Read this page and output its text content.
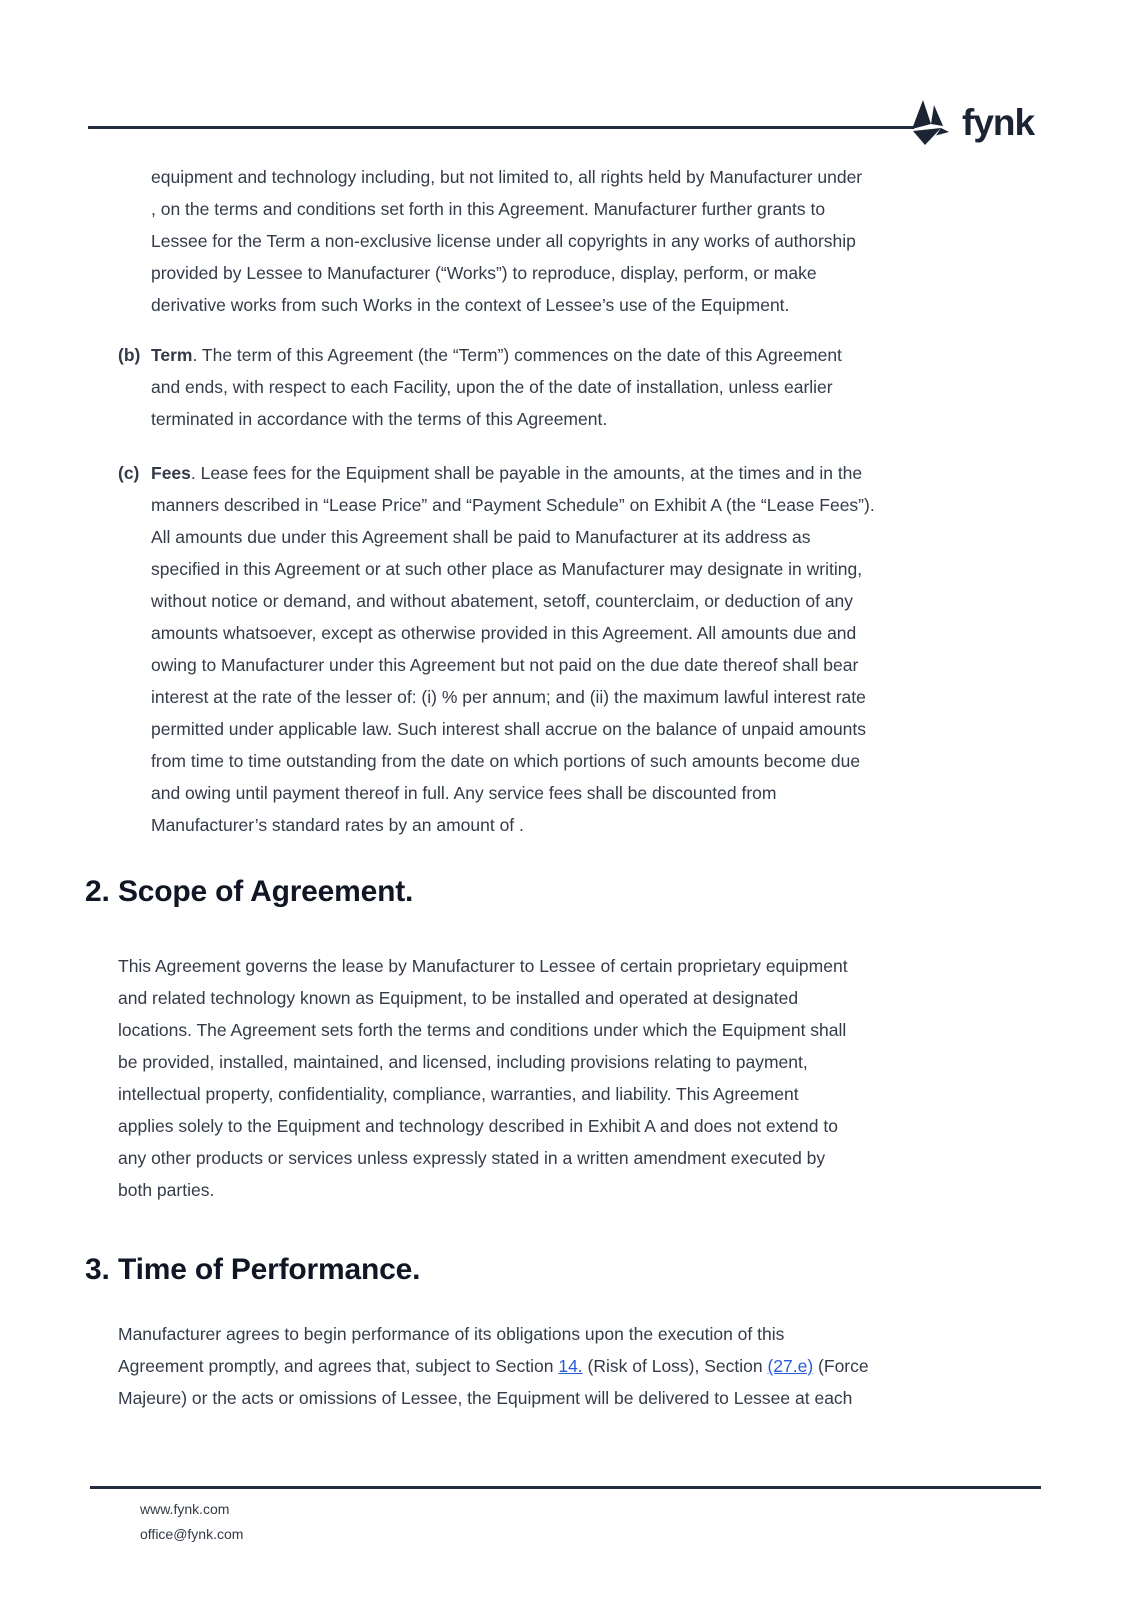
fynk
equipment and technology including, but not limited to, all rights held by Manufacturer under
, on the terms and conditions set forth in this Agreement. Manufacturer further grants to
Lessee for the Term a non-exclusive license under all copyrights in any works of authorship
provided by Lessee to Manufacturer (“Works”) to reproduce, display, perform, or make
derivative works from such Works in the context of Lessee’s use of the Equipment.
(b) Term. The term of this Agreement (the “Term”) commences on the date of this Agreement
and ends, with respect to each Facility, upon the of the date of installation, unless earlier
terminated in accordance with the terms of this Agreement.
(c) Fees. Lease fees for the Equipment shall be payable in the amounts, at the times and in the
manners described in “Lease Price” and “Payment Schedule” on Exhibit A (the “Lease Fees”).
All amounts due under this Agreement shall be paid to Manufacturer at its address as
specified in this Agreement or at such other place as Manufacturer may designate in writing,
without notice or demand, and without abatement, setoff, counterclaim, or deduction of any
amounts whatsoever, except as otherwise provided in this Agreement. All amounts due and
owing to Manufacturer under this Agreement but not paid on the due date thereof shall bear
interest at the rate of the lesser of: (i) % per annum; and (ii) the maximum lawful interest rate
permitted under applicable law. Such interest shall accrue on the balance of unpaid amounts
from time to time outstanding from the date on which portions of such amounts become due
and owing until payment thereof in full. Any service fees shall be discounted from
Manufacturer’s standard rates by an amount of .
2. Scope of Agreement.
This Agreement governs the lease by Manufacturer to Lessee of certain proprietary equipment
and related technology known as Equipment, to be installed and operated at designated
locations. The Agreement sets forth the terms and conditions under which the Equipment shall
be provided, installed, maintained, and licensed, including provisions relating to payment,
intellectual property, confidentiality, compliance, warranties, and liability. This Agreement
applies solely to the Equipment and technology described in Exhibit A and does not extend to
any other products or services unless expressly stated in a written amendment executed by
both parties.
3. Time of Performance.
Manufacturer agrees to begin performance of its obligations upon the execution of this
Agreement promptly, and agrees that, subject to Section 14. (Risk of Loss), Section (27.e) (Force
Majeure) or the acts or omissions of Lessee, the Equipment will be delivered to Lessee at each
www.fynk.com
office@fynk.com
